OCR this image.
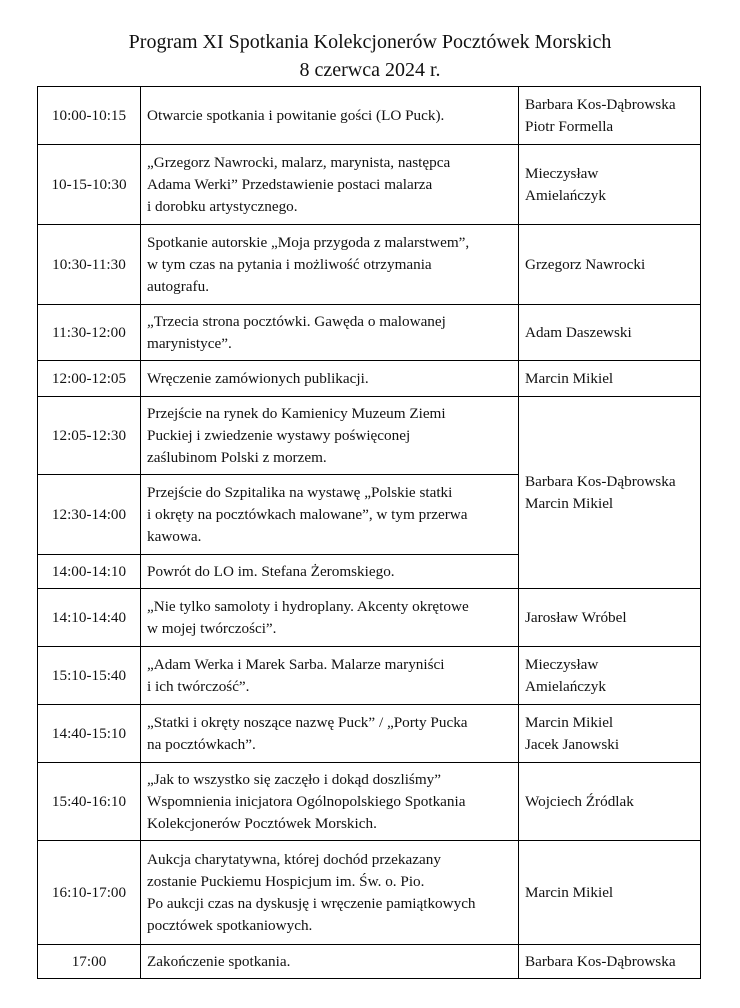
Program XI Spotkania Kolekcjonerów Pocztówek Morskich
8 czerwca 2024 r.
10:00-10:15	Otwarcie spotkania i powitanie gości (LO Puck).	Barbara Kos-Dąbrowska
Piotr Formella
10-15-10:30	„Grzegorz Nawrocki, malarz, marynista, następca
Adama Werki” Przedstawienie postaci malarza
i dorobku artystycznego.	Mieczysław
Amielańczyk
10:30-11:30	Spotkanie autorskie „Moja przygoda z malarstwem”,
w tym czas na pytania i możliwość otrzymania
autografu.	Grzegorz Nawrocki
11:30-12:00	„Trzecia strona pocztówki. Gawęda o malowanej
marynistyce”.	Adam Daszewski
12:00-12:05	Wręczenie zamówionych publikacji.	Marcin Mikiel
12:05-12:30	Przejście na rynek do Kamienicy Muzeum Ziemi
Puckiej i zwiedzenie wystawy poświęconej
zaślubinom Polski z morzem.	Barbara Kos-Dąbrowska
Marcin Mikiel
12:30-14:00	Przejście do Szpitalika na wystawę „Polskie statki
i okręty na pocztówkach malowane”, w tym przerwa
kawowa.	
14:00-14:10	Powrót do LO im. Stefana Żeromskiego.	
14:10-14:40	„Nie tylko samoloty i hydroplany. Akcenty okrętowe
w mojej twórczości”.	Jarosław Wróbel
15:10-15:40	„Adam Werka i Marek Sarba. Malarze maryniści
i ich twórczość”.	Mieczysław
Amielańczyk
14:40-15:10	„Statki i okręty noszące nazwę Puck” / „Porty Pucka
na pocztówkach”.	Marcin Mikiel
Jacek Janowski
15:40-16:10	„Jak to wszystko się zaczęło i dokąd doszliśmy”
Wspomnienia inicjatora Ogólnopolskiego Spotkania
Kolekcjonerów Pocztówek Morskich.	Wojciech Źródlak
16:10-17:00	Aukcja charytatywna, której dochód przekazany
zostanie Puckiemu Hospicjum im. Św. o. Pio.
Po aukcji czas na dyskusję i wręczenie pamiątkowych
pocztówek spotkaniowych.	Marcin Mikiel
17:00	Zakończenie spotkania.	Barbara Kos-Dąbrowska
